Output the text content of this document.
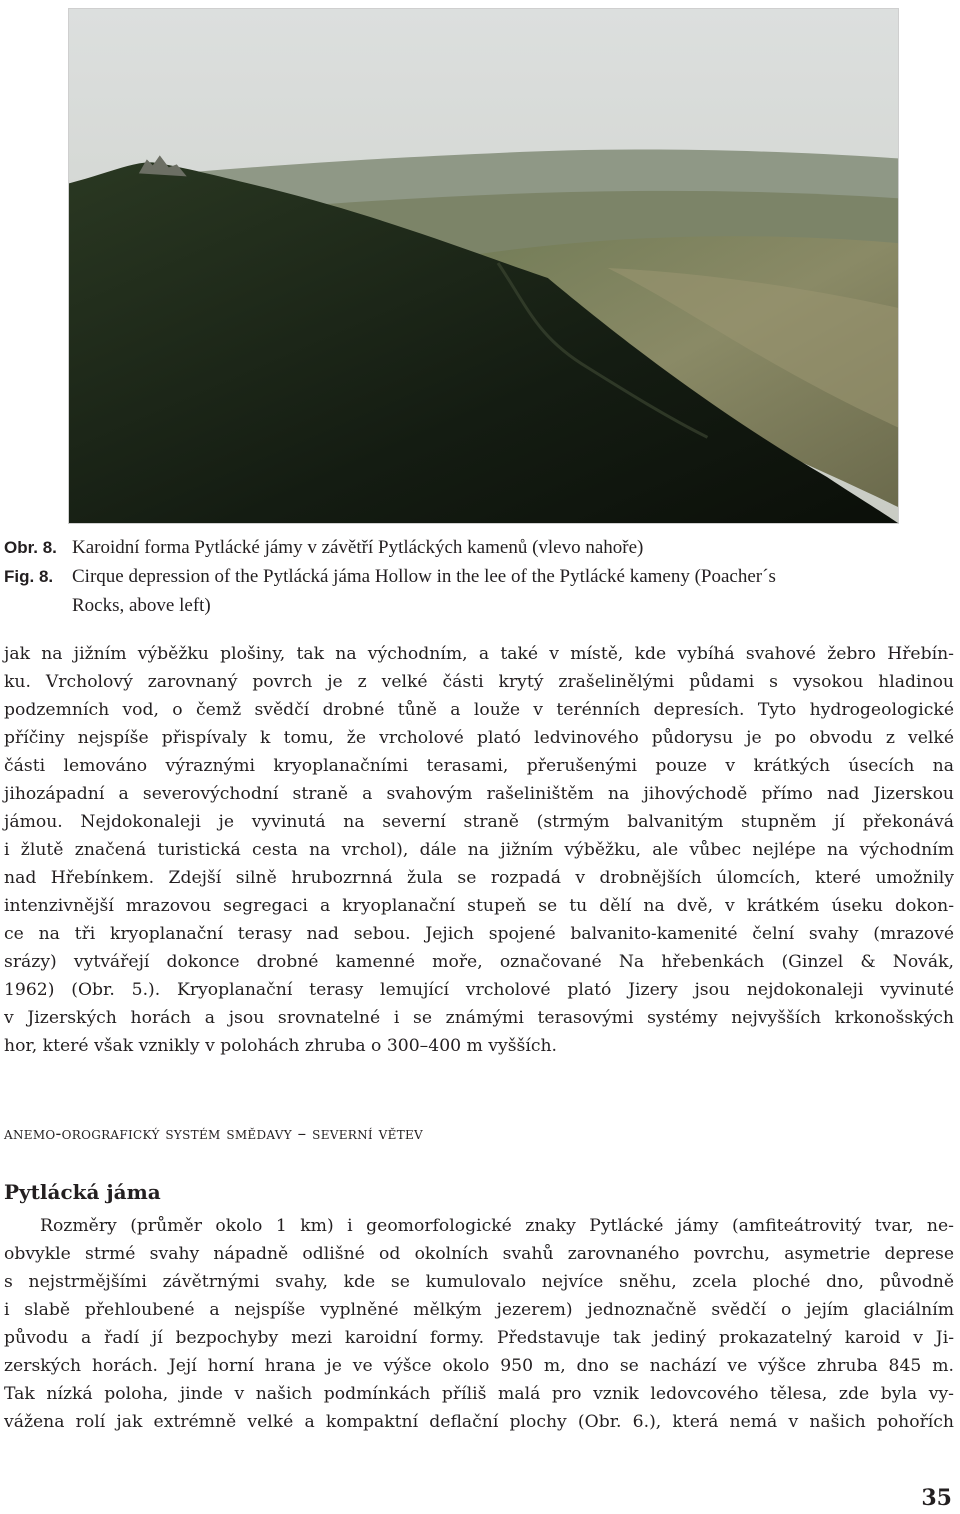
Obr. 8. Karoidní forma Pytlácké jámy v závětří Pytláckých kamenů (vlevo nahoře)
Fig. 8. Cirque depression of the Pytlácká jáma Hollow in the lee of the Pytlácké kameny (Poacher´s
Rocks, above left)
jak na jižním výběžku plošiny, tak na východním, a také v místě, kde vybíhá svahové žebro Hřebín-
ku. Vrcholový zarovnaný povrch je z velké části krytý zrašelinělými půdami s vysokou hladinou
podzemních vod, o čemž svědčí drobné tůně a louže v terénních depresích. Tyto hydrogeologické
příčiny nejspíše přispívaly k tomu, že vrcholové plató ledvinového půdorysu je po obvodu z velké
části lemováno výraznými kryoplanačními terasami, přerušenými pouze v krátkých úsecích na
jihozápadní a severovýchodní straně a svahovým rašeliništěm na jihovýchodě přímo nad Jizerskou
jámou. Nejdokonaleji je vyvinutá na severní straně (strmým balvanitým stupněm jí překonává
i žlutě značená turistická cesta na vrchol), dále na jižním výběžku, ale vůbec nejlépe na východním
nad Hřebínkem. Zdejší silně hrubozrnná žula se rozpadá v drobnějších úlomcích, které umožnily
intenzivnější mrazovou segregaci a kryoplanační stupeň se tu dělí na dvě, v krátkém úseku dokon-
ce na tři kryoplanační terasy nad sebou. Jejich spojené balvanito-kamenité čelní svahy (mrazové
srázy) vytvářejí dokonce drobné kamenné moře, označované Na hřebenkách (Ginzel & Novák,
1962) (Obr. 5.). Kryoplanační terasy lemující vrcholové plató Jizery jsou nejdokonaleji vyvinuté
v Jizerských horách a jsou srovnatelné i se známými terasovými systémy nejvyšších krkonošských
hor, které však vznikly v polohách zhruba o 300–400 m vyšších.
anemo-orografický systém smědavy – severní větev
Pytlácká jáma
Rozměry (průměr okolo 1 km) i geomorfologické znaky Pytlácké jámy (amfiteátrovitý tvar, ne-
obvykle strmé svahy nápadně odlišné od okolních svahů zarovnaného povrchu, asymetrie deprese
s nejstrmějšími závětrnými svahy, kde se kumulovalo nejvíce sněhu, zcela ploché dno, původně
i slabě přehloubené a nejspíše vyplněné mělkým jezerem) jednoznačně svědčí o jejím glaciálním
původu a řadí jí bezpochyby mezi karoidní formy. Představuje tak jediný prokazatelný karoid v Ji-
zerských horách. Její horní hrana je ve výšce okolo 950 m, dno se nachází ve výšce zhruba 845 m.
Tak nízká poloha, jinde v našich podmínkách příliš malá pro vznik ledovcového tělesa, zde byla vy-
vážena rolí jak extrémně velké a kompaktní deflační plochy (Obr. 6.), která nemá v našich pohořích
35
